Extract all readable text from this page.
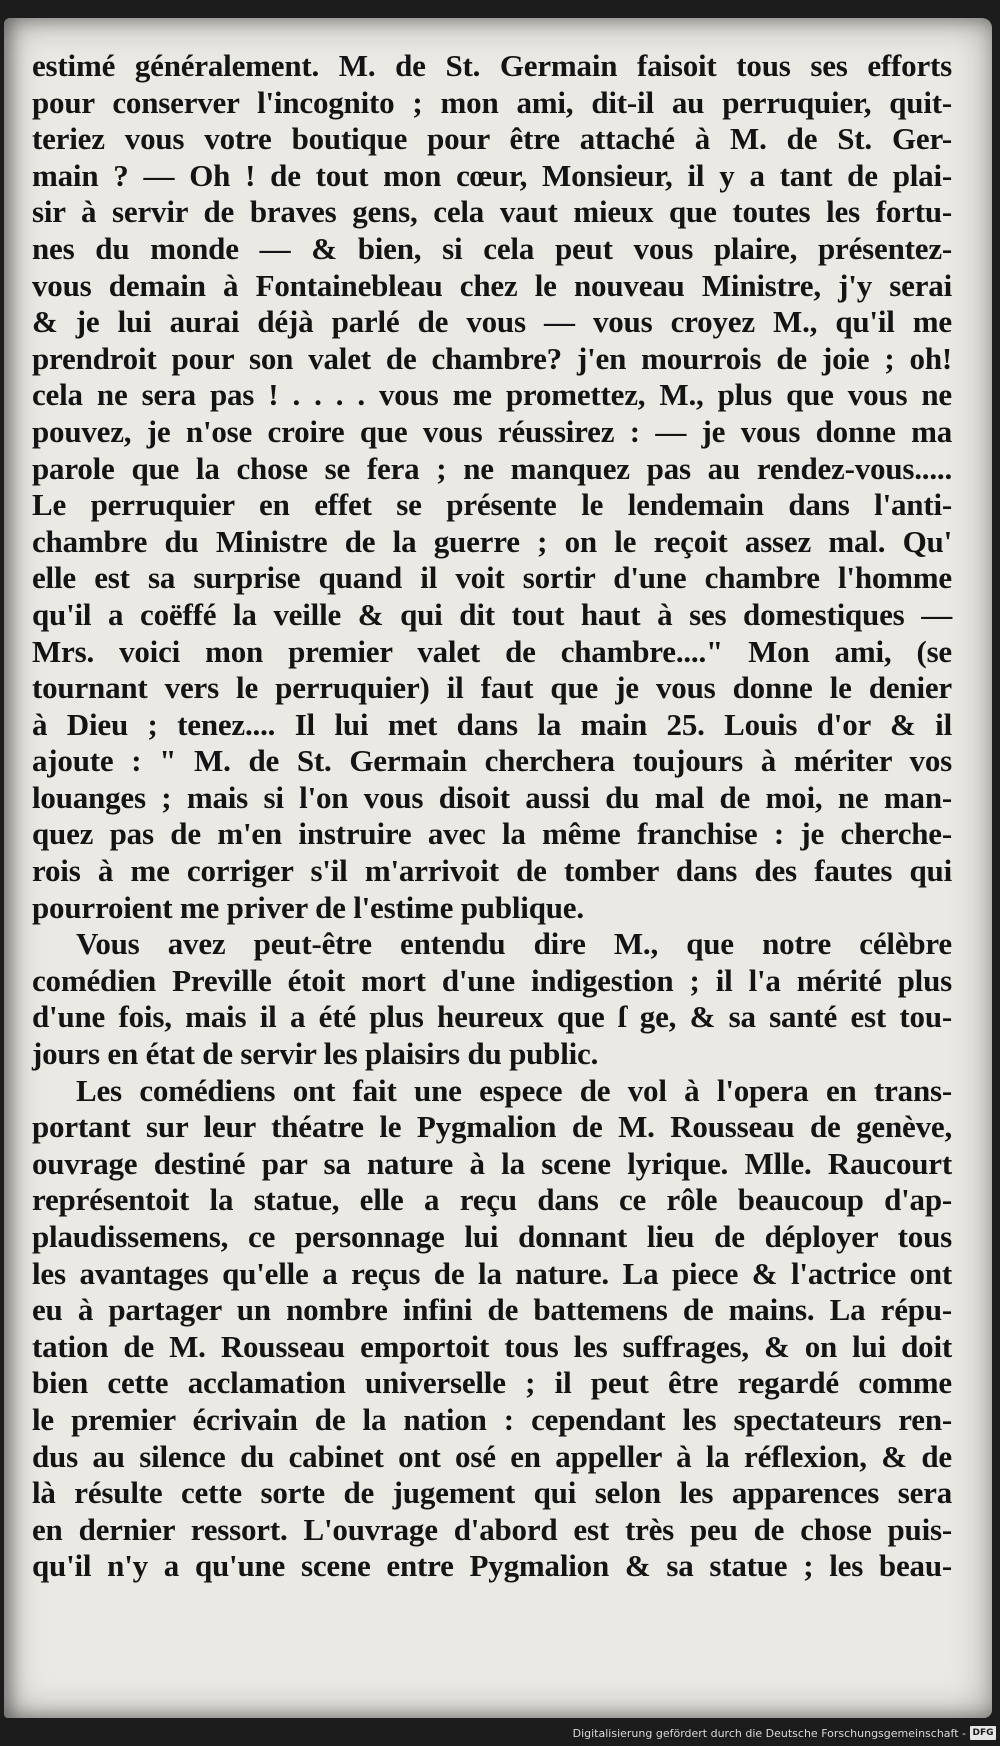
estimé généralement. M. de St. Germain faisoit tous ses efforts
pour conserver l'incognito ; mon ami, dit-il au perruquier, quit-
teriez vous votre boutique pour être attaché à M. de St. Ger-
main ? — Oh ! de tout mon cœur, Monsieur, il y a tant de plai-
sir à servir de braves gens, cela vaut mieux que toutes les fortu-
nes du monde — & bien, si cela peut vous plaire, présentez-
vous demain à Fontainebleau chez le nouveau Ministre, j'y serai
& je lui aurai déjà parlé de vous — vous croyez M., qu'il me
prendroit pour son valet de chambre? j'en mourrois de joie ; oh!
cela ne sera pas ! . . . . vous me promettez, M., plus que vous ne
pouvez, je n'ose croire que vous réussirez : — je vous donne ma
parole que la chose se fera ; ne manquez pas au rendez-vous.....
Le perruquier en effet se présente le lendemain dans l'anti-
chambre du Ministre de la guerre ; on le reçoit assez mal. Qu'
elle est sa surprise quand il voit sortir d'une chambre l'homme
qu'il a coëffé la veille & qui dit tout haut à ses domestiques —
Mrs. voici mon premier valet de chambre...." Mon ami, (se
tournant vers le perruquier) il faut que je vous donne le denier
à Dieu ; tenez.... Il lui met dans la main 25. Louis d'or & il
ajoute : " M. de St. Germain cherchera toujours à mériter vos
louanges ; mais si l'on vous disoit aussi du mal de moi, ne man-
quez pas de m'en instruire avec la même franchise : je cherche-
rois à me corriger s'il m'arrivoit de tomber dans des fautes qui
pourroient me priver de l'estime publique.
Vous avez peut-être entendu dire M., que notre célèbre
comédien Preville étoit mort d'une indigestion ; il l'a mérité plus
d'une fois, mais il a été plus heureux que ſ ge, & sa santé est tou-
jours en état de servir les plaisirs du public.
Les comédiens ont fait une espece de vol à l'opera en trans-
portant sur leur théatre le Pygmalion de M. Rousseau de genève,
ouvrage destiné par sa nature à la scene lyrique. Mlle. Raucourt
représentoit la statue, elle a reçu dans ce rôle beaucoup d'ap-
plaudissemens, ce personnage lui donnant lieu de déployer tous
les avantages qu'elle a reçus de la nature. La piece & l'actrice ont
eu à partager un nombre infini de battemens de mains. La répu-
tation de M. Rousseau emportoit tous les suffrages, & on lui doit
bien cette acclamation universelle ; il peut être regardé comme
le premier écrivain de la nation : cependant les spectateurs ren-
dus au silence du cabinet ont osé en appeller à la réflexion, & de
là résulte cette sorte de jugement qui selon les apparences sera
en dernier ressort. L'ouvrage d'abord est très peu de chose puis-
qu'il n'y a qu'une scene entre Pygmalion & sa statue ; les beau-
Digitalisierung gefördert durch die Deutsche Forschungsgemeinschaft - DFG
